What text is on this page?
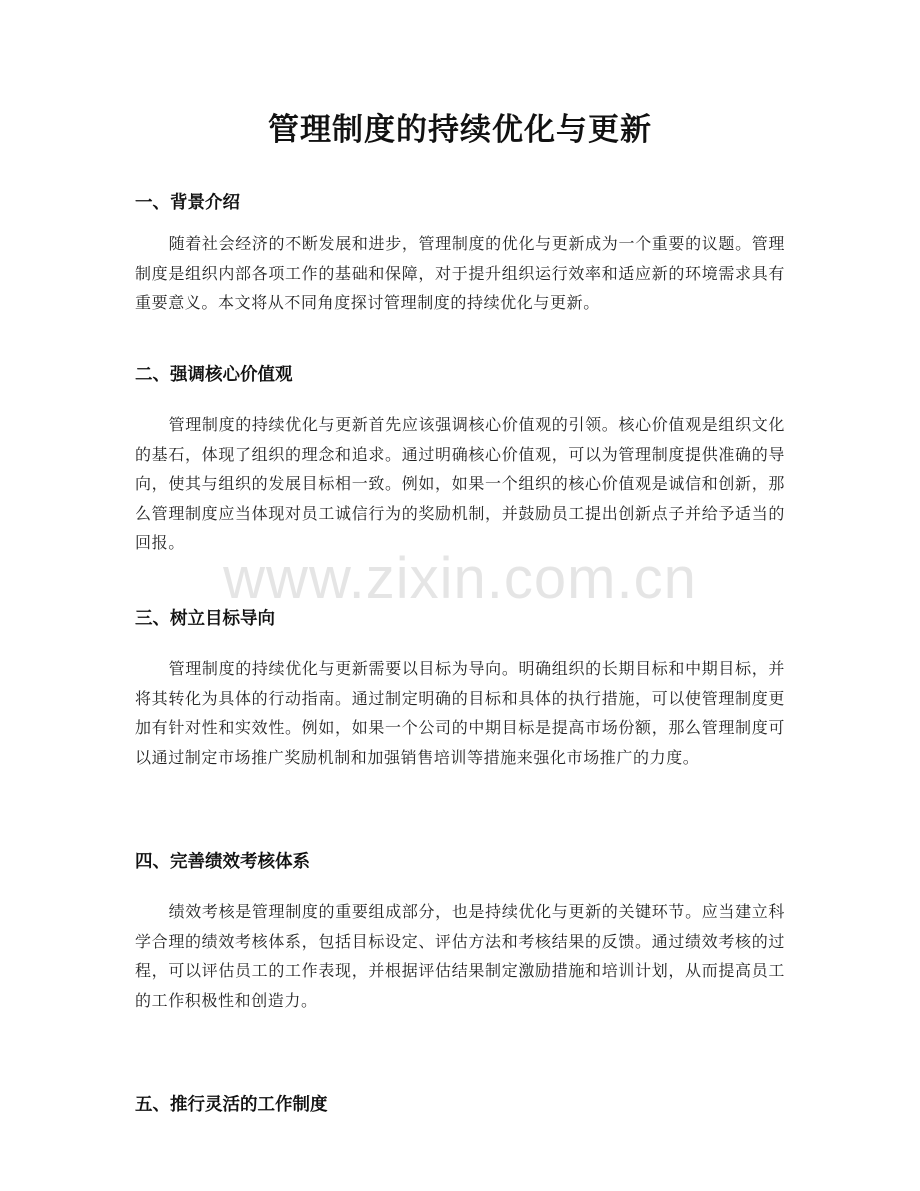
管理制度的持续优化与更新
www.zixin.com.cn
一、背景介绍

随着社会经济的不断发展和进步，管理制度的优化与更新成为一个重要的议题。管理制度是组织内部各项工作的基础和保障，对于提升组织运行效率和适应新的环境需求具有重要意义。本文将从不同角度探讨管理制度的持续优化与更新。

二、强调核心价值观

管理制度的持续优化与更新首先应该强调核心价值观的引领。核心价值观是组织文化的基石，体现了组织的理念和追求。通过明确核心价值观，可以为管理制度提供准确的导向，使其与组织的发展目标相一致。例如，如果一个组织的核心价值观是诚信和创新，那么管理制度应当体现对员工诚信行为的奖励机制，并鼓励员工提出创新点子并给予适当的回报。

三、树立目标导向

管理制度的持续优化与更新需要以目标为导向。明确组织的长期目标和中期目标，并将其转化为具体的行动指南。通过制定明确的目标和具体的执行措施，可以使管理制度更加有针对性和实效性。例如，如果一个公司的中期目标是提高市场份额，那么管理制度可以通过制定市场推广奖励机制和加强销售培训等措施来强化市场推广的力度。

四、完善绩效考核体系

绩效考核是管理制度的重要组成部分，也是持续优化与更新的关键环节。应当建立科学合理的绩效考核体系，包括目标设定、评估方法和考核结果的反馈。通过绩效考核的过程，可以评估员工的工作表现，并根据评估结果制定激励措施和培训计划，从而提高员工的工作积极性和创造力。

五、推行灵活的工作制度
